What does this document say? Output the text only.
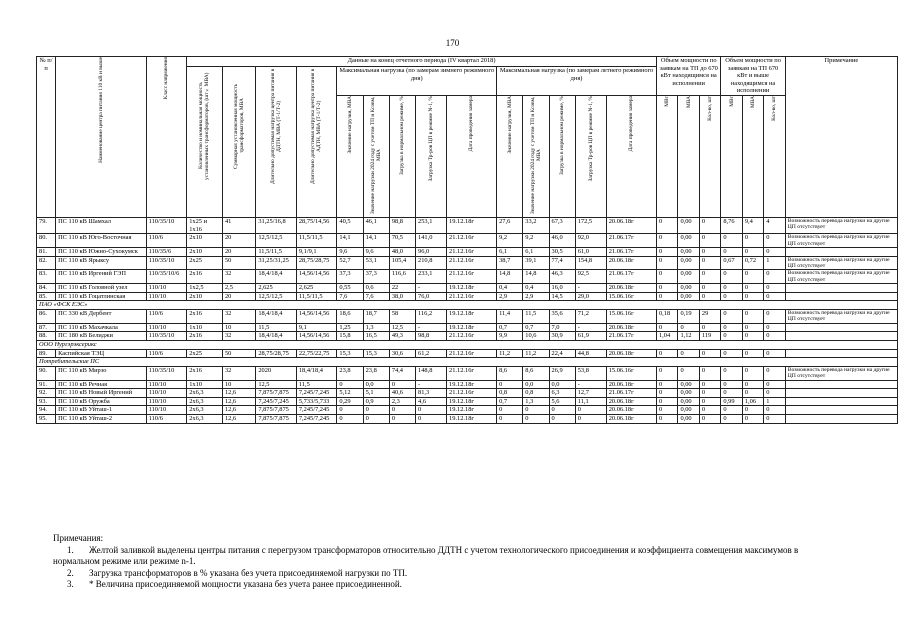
170
№ п/п	Наименование центра питания 110 кВ и выше	Класс напряжения	Данные на конец отчетного периода (IV квартал 2018)														Объем мощности по заявкам на ТП до 670 кВт находящимся на исполнении			Объем мощности по заявкам на ТП 670 кВт и выше находящимся на исполнении			Примечание

			Количество и номинальная мощность установленных трансформаторов, (шт×МВА)	Суммарная установленная мощность трансформаторов, МВА	Длительно допустимая нагрузка центра питания в ДДТН, МВА (Т-1/Т-2)	Длительно допустимая нагрузка центра питания в АДТН, МВА (Т-1/Т-2)	Максимальная нагрузка (по замерам зимнего режимного дня)					Максимальная нагрузка (по замерам летнего режимного дня)											

							Значение нагрузки, МВА	Значение нагрузки 2024 году с учетом ТП и Ксовм, МВА	Загрузка в нормальном режиме, %	Загрузка Тр-ров ЦП в режиме N-1, %	Дата проведения замера	Значение нагрузки, МВА	Значение нагрузки 2024 году с учетом ТП и Ксовм, МВА	Загрузка в нормальном режиме, %	Загрузка Тр-ров ЦП в режиме N-1, %	Дата проведения замера	МВт	МВА	Кол-во, шт	МВт	МВА	Кол-во, шт	

79.	ПС 110 кВ Шамхал	110/35/10	1х25 и 1х16	41	31,25/16,8	28,75/14,56	40,5	46,1	98,8	253,1	19.12.18г	27,6	33,2	67,3	172,5	20.06.18г	0	0,00	0	8,76	9,4	4	Возможность перевода нагрузки на другие ЦП отсутствует
80.	ПС 110 кВ Юго-Восточная	110/6	2х10	20	12,5/12,5	11,5/11,5	14,1	14,1	70,5	141,0	21.12.16г	9,2	9,2	46,0	92,0	21.06.17г	0	0,00	0	0	0	0	Возможность перевода нагрузки на другие ЦП отсутствует
81.	ПС 110 кВ Южно-Сухокумск	110/35/6	2х10	20	11,5/11,5	9,1/9,1	9,6	9,6	48,0	96,0	21.12.16г	6,1	6,1	30,5	61,0	21.06.17г	0	0,00	0	0	0	0	
82.	ПС 110 кВ Ярыксу	110/35/10	2х25	50	31,25/31,25	28,75/28,75	52,7	53,1	105,4	210,8	21.12.16г	38,7	39,1	77,4	154,8	20.06.18г	0	0,00	0	0,67	0,72	1	Возможность перевода нагрузки на другие ЦП отсутствует
83.	ПС 110 кВ Иргений ГЭП	110/35/10/6	2х16	32	18,4/18,4	14,56/14,56	37,3	37,3	116,6	233,1	21.12.16г	14,8	14,8	46,3	92,5	21.06.17г	0	0,00	0	0	0	0	Возможность перевода нагрузки на другие ЦП отсутствует
84.	ПС 110 кВ Головной узел	110/10	1х2,5	2,5	2,625	2,625	0,55	0,6	22	-	19.12.18г	0,4	0,4	16,0	-	20.06.18г	0	0,00	0	0	0	0	
85.	ПС 110 кВ Гоцатлинская	110/10	2х10	20	12,5/12,5	11,5/11,5	7,6	7,6	38,0	76,0	21.12.16г	2,9	2,9	14,5	29,0	15.06.16г	0	0,00	0	0	0	0	
ПАО «ФСК ЕЭС»																							
86.	ПС 330 кВ Дербент	110/6	2х16	32	18,4/18,4	14,56/14,56	18,6	18,7	58	116,2	19.12.18г	11,4	11,5	35,6	71,2	15.06.16г	0,18	0,19	29	0	0	0	Возможность перевода нагрузки на другие ЦП отсутствует
87.	ПС 110 кВ Махачкала	110/10	1х10	10	11,5	9,1	1,25	1,3	12,5	-	19.12.18г	0,7	0,7	7,0	-	20.06.18г	0	0	0	0	0	0	
88.	ПС 180 кВ Белиджи	110/35/10	2х16	32	18,4/18,4	14,56/14,56	15,8	16,5	49,3	98,8	21.12.16г	9,9	10,6	30,9	61,9	21.06.17г	1,04	1,12	119	0	0	0	
ООО Нургэрэксерикс																							
89.	Каспийская ТЭЦ	110/6	2х25	50	28,75/28,75	22,75/22,75	15,3	15,3	30,6	61,2	21.12.16г	11,2	11,2	22,4	44,8	20.06.18г	0	0	0	0	0	0	
Потребительские ПС																							
90.	ПС 110 кВ Мирзо	110/35/10	2х16	32	2020	18,4/18,4	23,8	23,8	74,4	148,8	21.12.16г	8,6	8,6	26,9	53,8	15.06.16г	0	0	0	0	0	0	Возможность перевода нагрузки на другие ЦП отсутствует
91.	ПС 110 кВ Речная	110/10	1х10	10	12,5	11,5	0	0,0	0	-	19.12.18г	0	0,0	0,0	-	20.06.18г	0	0,00	0	0	0	0	
92.	ПС 110 кВ Новый Иргений	110/10	2х6,3	12,6	7,875/7,875	7,245/7,245	5,12	5,1	40,6	81,3	21.12.16г	0,8	0,8	6,3	12,7	21.06.17г	0	0,00	0	0	0	0	
93.	ПС 110 кВ Оружба	110/10	2х6,3	12,6	7,245/7,245	5,733/5,733	0,29	0,9	2,3	4,6	19.12.18г	0,7	1,3	5,6	11,1	20.06.18г	0	0,00	0	0,99	1,06	1	
94.	ПС 110 кВ Уйташ-1	110/10	2х6,3	12,6	7,875/7,875	7,245/7,245	0	0	0	0	19.12.18г	0	0	0	0	20.06.18г	0	0,00	0	0	0	0	
95.	ПС 110 кВ Уйташ-2	110/6	2х6,3	12,6	7,875/7,875	7,245/7,245	0	0	0	0	19.12.18г	0	0	0	0	20.06.18г	0	0,00	0	0	0	0	
Примечания:
1.	Желтой заливкой выделены центры питания с перегрузом трансформаторов относительно ДДТН с учетом технологического присоединения и коэффициента совмещения максимумов в
нормальном режиме или режиме n-1.
2.	Загрузка трансформаторов в % указана без учета присоединяемой нагрузки по ТП.
3.	* Величина присоединяемой мощности указана без учета ранее присоединенной.
